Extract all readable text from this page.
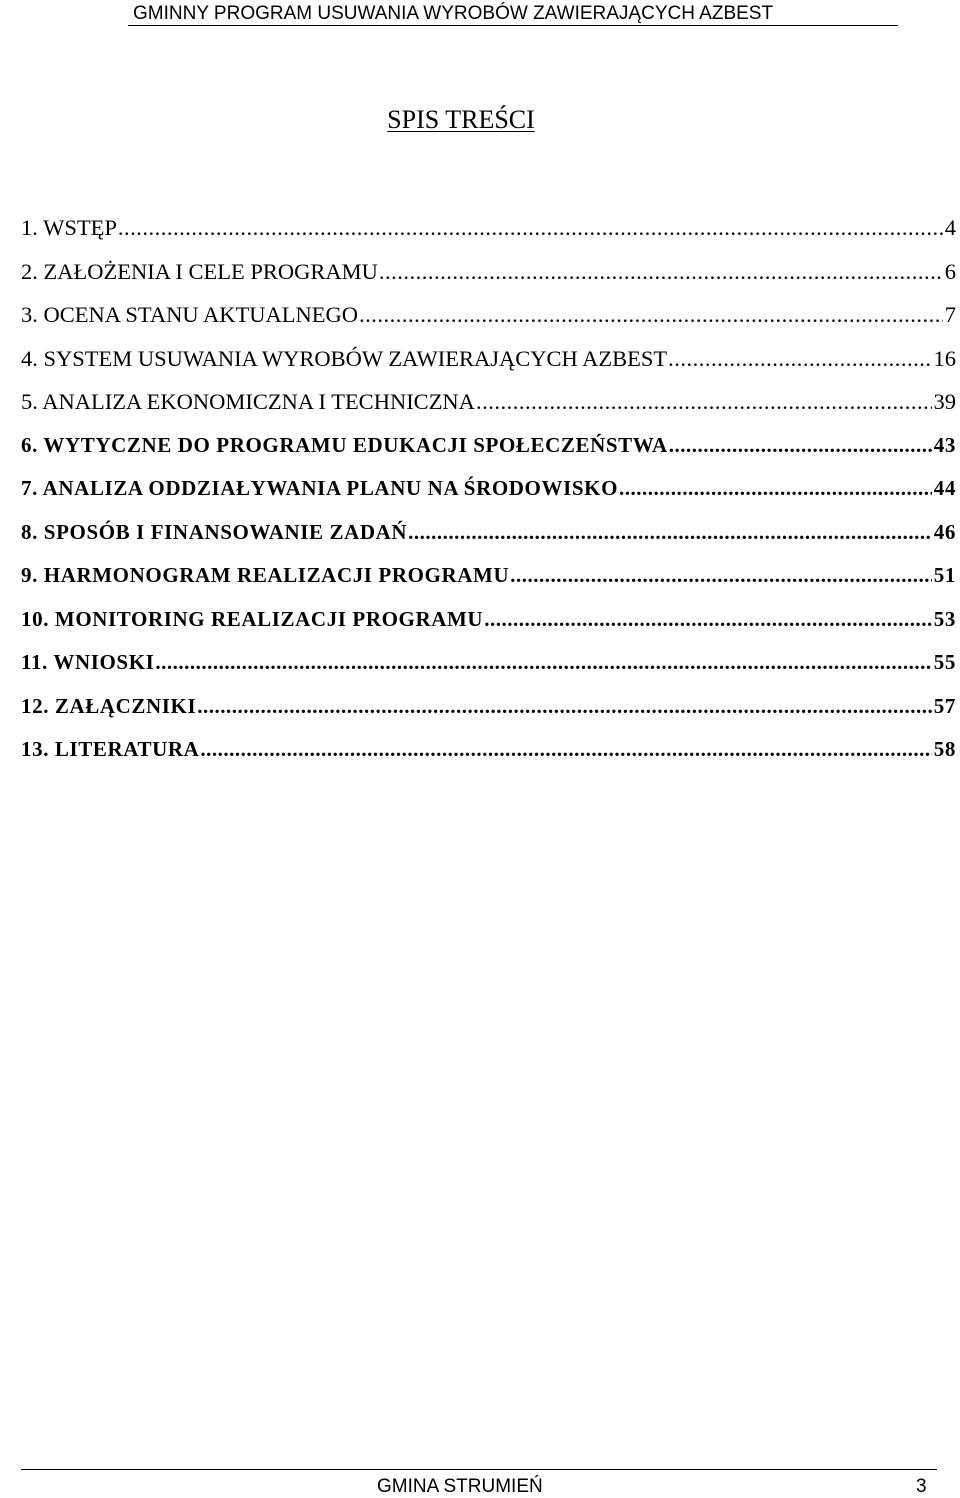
GMINNY PROGRAM USUWANIA WYROBÓW ZAWIERAJĄCYCH AZBEST
SPIS TREŚCI
1. WSTĘP .....	4
2. ZAŁOŻENIA I CELE PROGRAMU .....	6
3. OCENA STANU AKTUALNEGO .....	7
4. SYSTEM USUWANIA WYROBÓW ZAWIERAJĄCYCH AZBEST .....	16
5. ANALIZA EKONOMICZNA I TECHNICZNA .....	39
6. WYTYCZNE DO PROGRAMU EDUKACJI SPOŁECZEŃSTWA .....	43
7. ANALIZA ODDZIAŁYWANIA PLANU NA ŚRODOWISKO .....	44
8. SPOSÓB I FINANSOWANIE ZADAŃ .....	46
9. HARMONOGRAM REALIZACJI PROGRAMU .....	51
10. MONITORING REALIZACJI PROGRAMU .....	53
11. WNIOSKI .....	55
12. ZAŁĄCZNIKI .....	57
13. LITERATURA .....	58
GMINA STRUMIEŃ	3
